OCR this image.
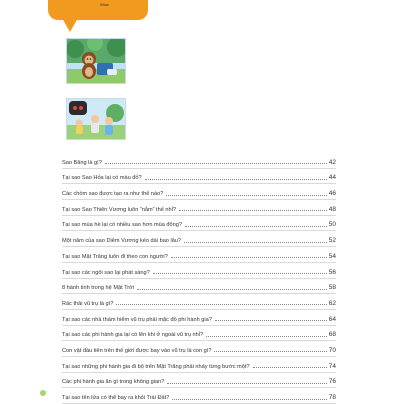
Wow
Sao Băng là gì?	42
Tại sao Sao Hỏa lại có màu đỏ?	44
Các chòm sao được tạo ra như thế nào?	46
Tại sao Sao Thiên Vương luôn “nằm” thế nhỉ?	48
Tại sao mùa hè lại có nhiều sao hơn mùa đông?	50
Một năm của sao Diêm Vương kéo dài bao lâu?	52
Tại sao Mặt Trăng luôn đi theo con người?	54
Tại sao các ngôi sao lại phát sáng?	56
8 hành tinh trong hệ Mặt Trời	58
Rác thải vũ trụ là gì?	62
Tại sao các nhà thám hiểm vũ trụ phải mặc đồ phi hành gia?	64
Tại sao các phi hành gia lại có lên khi ở ngoài vũ trụ nhỉ?	68
Con vật đầu tiên trên thế giới được bay vào vũ trụ là con gì?	70
Tại sao những phi hành gia đi bộ trên Mặt Trăng phải nhảy từng bước một?	74
Các phi hành gia ăn gì trong không gian?	76
Tại sao tên lửa có thể bay ra khỏi Trái Đất?	78
